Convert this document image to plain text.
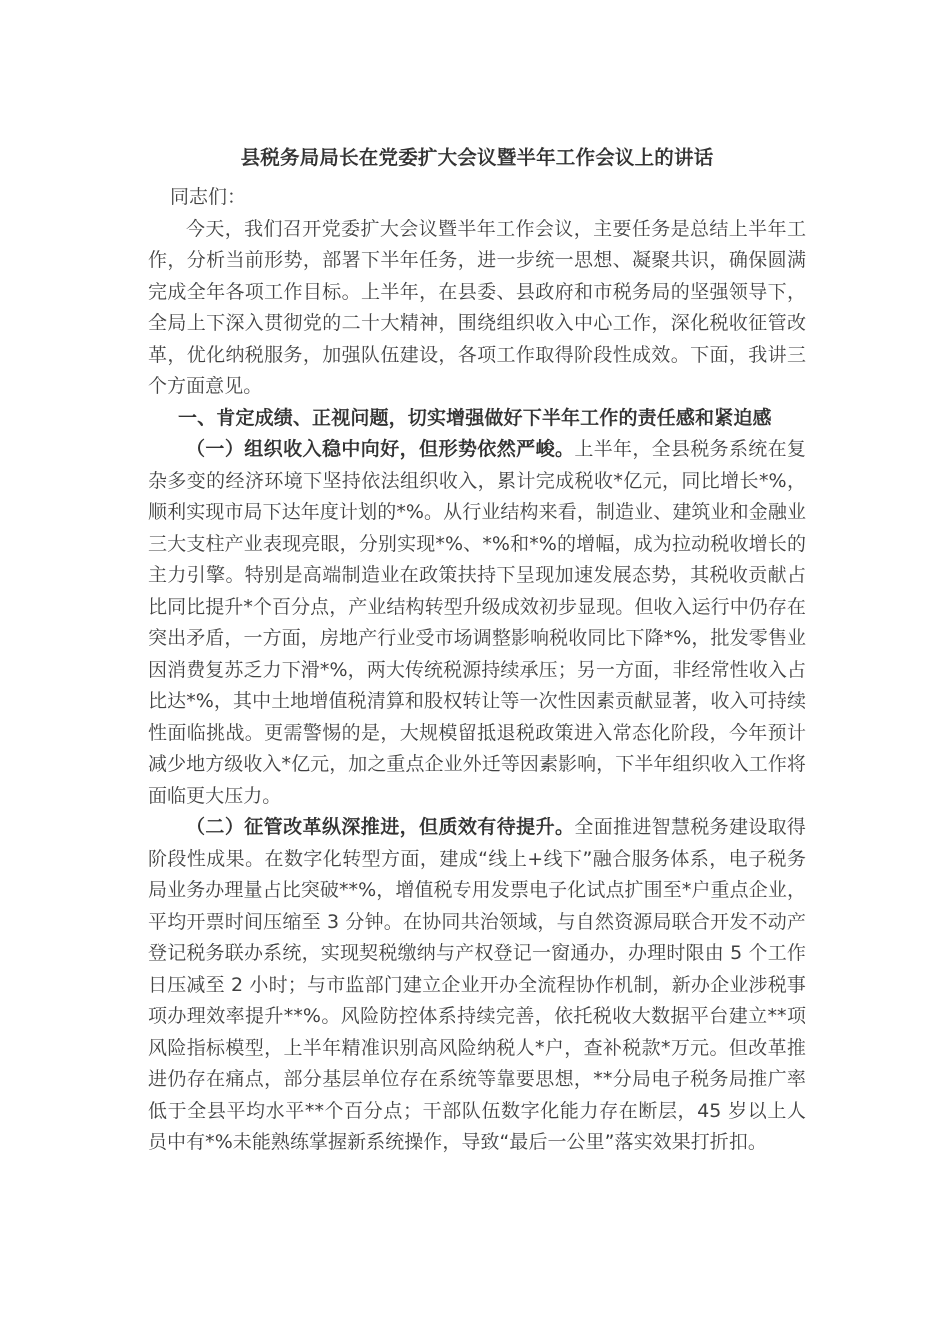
县税务局局长在党委扩大会议暨半年工作会议上的讲话

同志们：

今天，我们召开党委扩大会议暨半年工作会议，主要任务是总结上半年工作，分析当前形势，部署下半年任务，进一步统一思想、凝聚共识，确保圆满完成全年各项工作目标。上半年，在县委、县政府和市税务局的坚强领导下，全局上下深入贯彻党的二十大精神，围绕组织收入中心工作，深化税收征管改革，优化纳税服务，加强队伍建设，各项工作取得阶段性成效。下面，我讲三个方面意见。

一、肯定成绩、正视问题，切实增强做好下半年工作的责任感和紧迫感

（一）组织收入稳中向好，但形势依然严峻。上半年，全县税务系统在复杂多变的经济环境下坚持依法组织收入，累计完成税收*亿元，同比增长*%，顺利实现市局下达年度计划的*%。从行业结构来看，制造业、建筑业和金融业三大支柱产业表现亮眼，分别实现*%、*%和*%的增幅，成为拉动税收增长的主力引擎。特别是高端制造业在政策扶持下呈现加速发展态势，其税收贡献占比同比提升*个百分点，产业结构转型升级成效初步显现。但收入运行中仍存在突出矛盾，一方面，房地产行业受市场调整影响税收同比下降*%，批发零售业因消费复苏乏力下滑*%，两大传统税源持续承压；另一方面，非经常性收入占比达*%，其中土地增值税清算和股权转让等一次性因素贡献显著，收入可持续性面临挑战。更需警惕的是，大规模留抵退税政策进入常态化阶段，今年预计减少地方级收入*亿元，加之重点企业外迁等因素影响，下半年组织收入工作将面临更大压力。

（二）征管改革纵深推进，但质效有待提升。全面推进智慧税务建设取得阶段性成果。在数字化转型方面，建成“线上+线下”融合服务体系，电子税务局业务办理量占比突破**%，增值税专用发票电子化试点扩围至*户重点企业，平均开票时间压缩至 3 分钟。在协同共治领域，与自然资源局联合开发不动产登记税务联办系统，实现契税缴纳与产权登记一窗通办，办理时限由 5 个工作日压减至 2 小时；与市监部门建立企业开办全流程协作机制，新办企业涉税事项办理效率提升**%。风险防控体系持续完善，依托税收大数据平台建立**项风险指标模型，上半年精准识别高风险纳税人*户，查补税款*万元。但改革推进仍存在痛点，部分基层单位存在系统等靠要思想，**分局电子税务局推广率低于全县平均水平**个百分点；干部队伍数字化能力存在断层，45 岁以上人员中有*%未能熟练掌握新系统操作，导致“最后一公里”落实效果打折扣。
